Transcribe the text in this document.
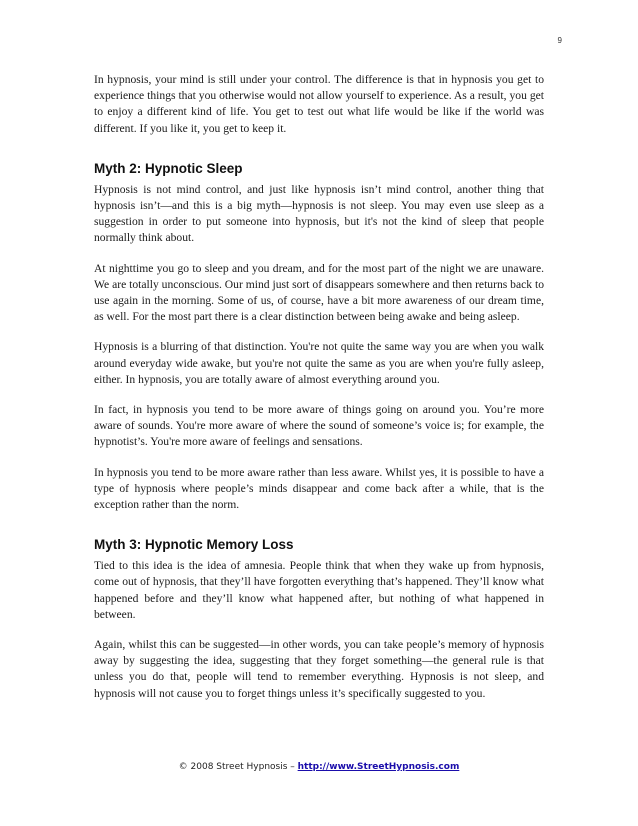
9

In hypnosis, your mind is still under your control. The difference is that in hypnosis you get to experience things that you otherwise would not allow yourself to experience. As a result, you get to enjoy a different kind of life. You get to test out what life would be like if the world was different. If you like it, you get to keep it.

Myth 2: Hypnotic Sleep

Hypnosis is not mind control, and just like hypnosis isn’t mind control, another thing that hypnosis isn’t—and this is a big myth—hypnosis is not sleep. You may even use sleep as a suggestion in order to put someone into hypnosis, but it's not the kind of sleep that people normally think about.

At nighttime you go to sleep and you dream, and for the most part of the night we are unaware. We are totally unconscious. Our mind just sort of disappears somewhere and then returns back to use again in the morning. Some of us, of course, have a bit more awareness of our dream time, as well. For the most part there is a clear distinction between being awake and being asleep.

Hypnosis is a blurring of that distinction. You're not quite the same way you are when you walk around everyday wide awake, but you're not quite the same as you are when you're fully asleep, either. In hypnosis, you are totally aware of almost everything around you.

In fact, in hypnosis you tend to be more aware of things going on around you. You’re more aware of sounds. You're more aware of where the sound of someone’s voice is; for example, the hypnotist’s. You're more aware of feelings and sensations.

In hypnosis you tend to be more aware rather than less aware. Whilst yes, it is possible to have a type of hypnosis where people’s minds disappear and come back after a while, that is the exception rather than the norm.

Myth 3: Hypnotic Memory Loss

Tied to this idea is the idea of amnesia. People think that when they wake up from hypnosis, come out of hypnosis, that they’ll have forgotten everything that’s happened. They’ll know what happened before and they’ll know what happened after, but nothing of what happened in between.

Again, whilst this can be suggested—in other words, you can take people’s memory of hypnosis away by suggesting the idea, suggesting that they forget something—the general rule is that unless you do that, people will tend to remember everything. Hypnosis is not sleep, and hypnosis will not cause you to forget things unless it’s specifically suggested to you.

© 2008 Street Hypnosis – http://www.StreetHypnosis.com
